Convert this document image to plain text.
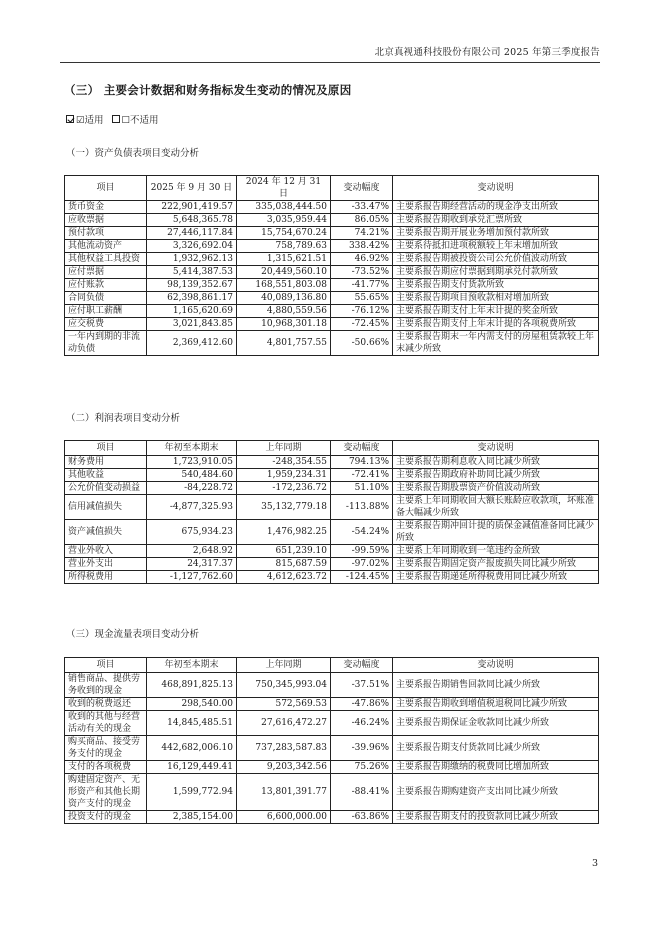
北京真视通科技股份有限公司 2025 年第三季度报告
（三） 主要会计数据和财务指标发生变动的情况及原因
☑适用 ☐不适用
（一）资产负债表项目变动分析
项目	2025 年 9 月 30 日	2024 年 12 月 31 日	变动幅度	变动说明
货币资金	222,901,419.57	335,038,444.50	-33.47%	主要系报告期经营活动的现金净支出所致
应收票据	5,648,365.78	3,035,959.44	86.05%	主要系报告期收到承兑汇票所致
预付款项	27,446,117.84	15,754,670.24	74.21%	主要系报告期开展业务增加预付款所致
其他流动资产	3,326,692.04	758,789.63	338.42%	主要系待抵扣进项税额较上年末增加所致
其他权益工具投资	1,932,962.13	1,315,621.51	46.92%	主要系报告期被投资公司公允价值波动所致
应付票据	5,414,387.53	20,449,560.10	-73.52%	主要系报告期应付票据到期承兑付款所致
应付账款	98,139,352.67	168,551,803.08	-41.77%	主要系报告期支付货款所致
合同负债	62,398,861.17	40,089,136.80	55.65%	主要系报告期项目预收款相对增加所致
应付职工薪酬	1,165,620.69	4,880,559.56	-76.12%	主要系报告期支付上年末计提的奖金所致
应交税费	3,021,843.85	10,968,301.18	-72.45%	主要系报告期支付上年末计提的各项税费所致
一年内到期的非流动负债	2,369,412.60	4,801,757.55	-50.66%	主要系报告期末一年内需支付的房屋租赁款较上年末减少所致
（二）利润表项目变动分析
项目	年初至本期末	上年同期	变动幅度	变动说明
财务费用	1,723,910.05	-248,354.55	794.13%	主要系报告期利息收入同比减少所致
其他收益	540,484.60	1,959,234.31	-72.41%	主要系报告期政府补助同比减少所致
公允价值变动损益	-84,228.72	-172,236.72	51.10%	主要系报告期股票资产价值波动所致
信用减值损失	-4,877,325.93	35,132,779.18	-113.88%	主要系上年同期收回大额长账龄应收款项，坏账准备大幅减少所致
资产减值损失	675,934.23	1,476,982.25	-54.24%	主要系报告期冲回计提的质保金减值准备同比减少所致
营业外收入	2,648.92	651,239.10	-99.59%	主要系上年同期收到一笔违约金所致
营业外支出	24,317.37	815,687.59	-97.02%	主要系报告期固定资产报废损失同比减少所致
所得税费用	-1,127,762.60	4,612,623.72	-124.45%	主要系报告期递延所得税费用同比减少所致
（三）现金流量表项目变动分析
项目	年初至本期末	上年同期	变动幅度	变动说明
销售商品、提供劳务收到的现金	468,891,825.13	750,345,993.04	-37.51%	主要系报告期销售回款同比减少所致
收到的税费返还	298,540.00	572,569.53	-47.86%	主要系报告期收到增值税退税同比减少所致
收到的其他与经营活动有关的现金	14,845,485.51	27,616,472.27	-46.24%	主要系报告期保证金收款同比减少所致
购买商品、接受劳务支付的现金	442,682,006.10	737,283,587.83	-39.96%	主要系报告期支付货款同比减少所致
支付的各项税费	16,129,449.41	9,203,342.56	75.26%	主要系报告期缴纳的税费同比增加所致
购建固定资产、无形资产和其他长期资产支付的现金	1,599,772.94	13,801,391.77	-88.41%	主要系报告期购建资产支出同比减少所致
投资支付的现金	2,385,154.00	6,600,000.00	-63.86%	主要系报告期支付的投资款同比减少所致
3
